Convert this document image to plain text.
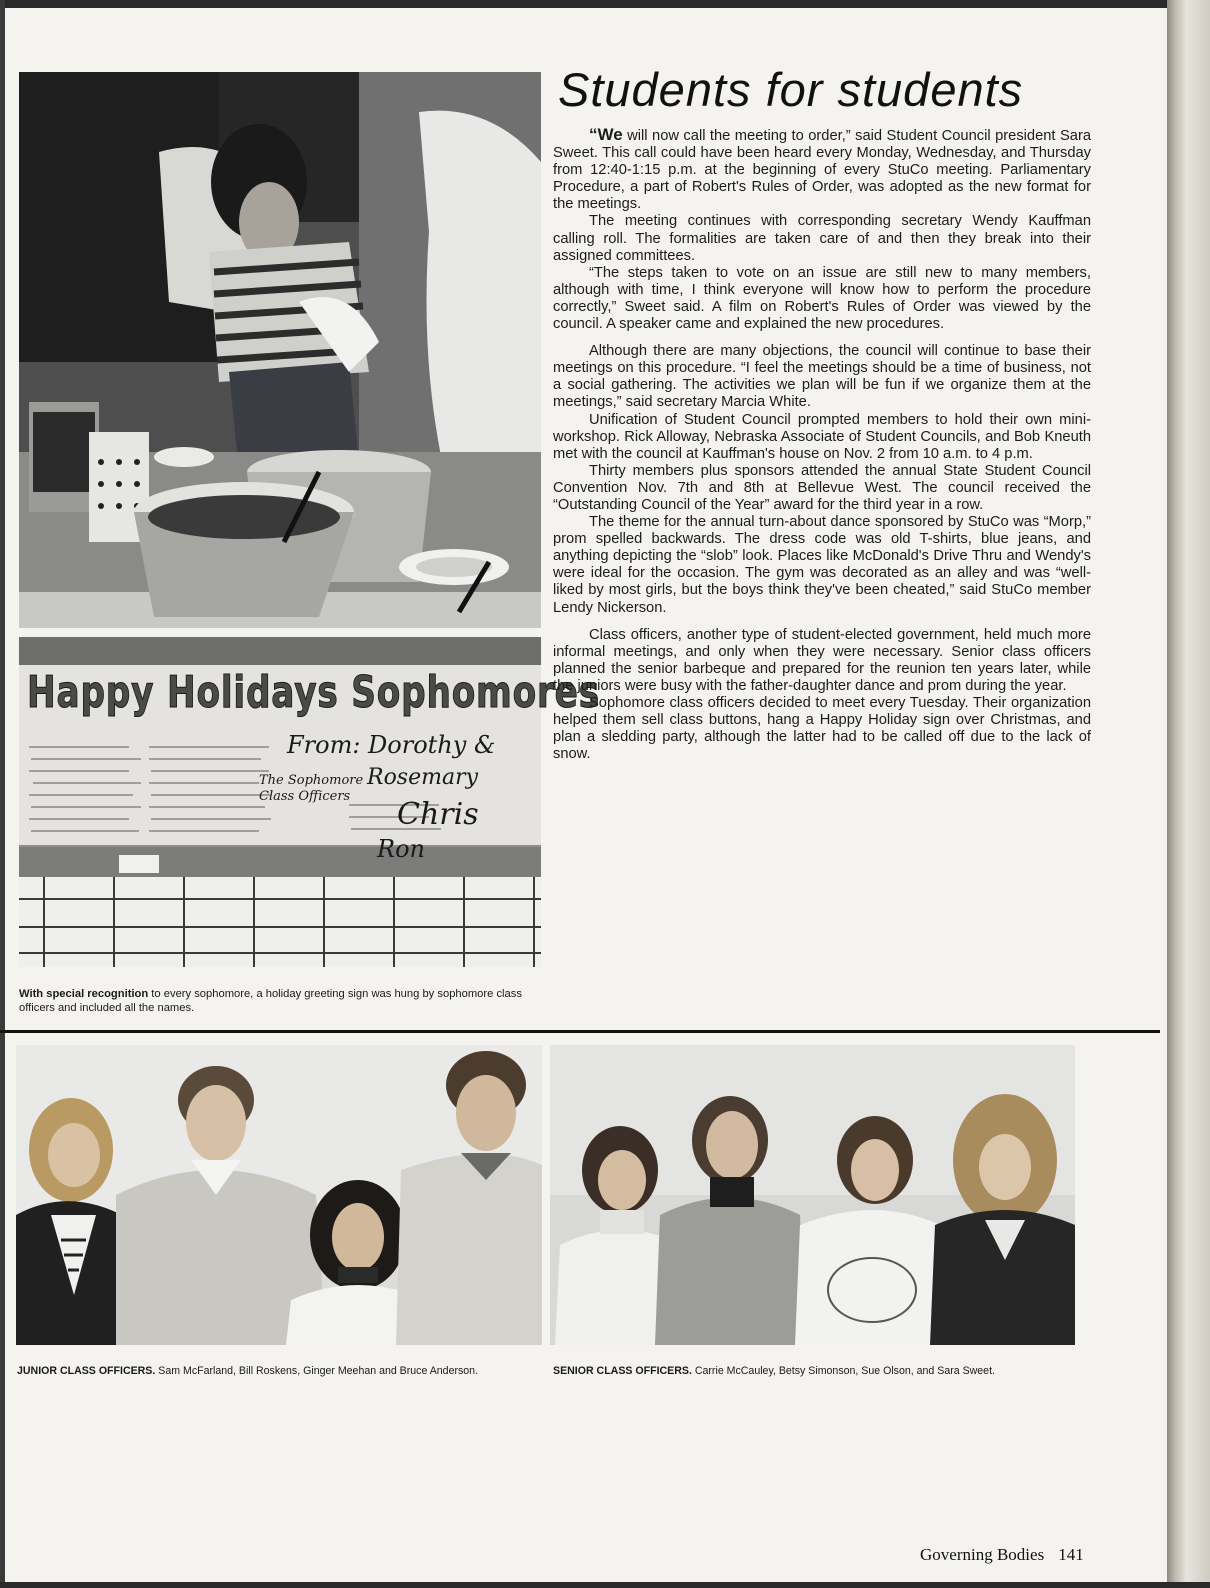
Happy Holidays Sophomores
From: Dorothy &
The Sophomore Class Officers
Rosemary
Chris
Ron

With special recognition to every sophomore, a holiday greeting sign was hung by sophomore class officers and included all the names.

Students for students

“We will now call the meeting to order,” said Student Council president Sara Sweet. This call could have been heard every Monday, Wednesday, and Thursday from 12:40-1:15 p.m. at the beginning of every StuCo meeting. Parliamentary Procedure, a part of Robert's Rules of Order, was adopted as the new format for the meetings.

The meeting continues with corresponding secretary Wendy Kauffman calling roll. The formalities are taken care of and then they break into their assigned committees.

“The steps taken to vote on an issue are still new to many members, although with time, I think everyone will know how to perform the procedure correctly,” Sweet said. A film on Robert's Rules of Order was viewed by the council. A speaker came and explained the new procedures.

Although there are many objections, the council will continue to base their meetings on this procedure. “I feel the meetings should be a time of business, not a social gathering. The activities we plan will be fun if we organize them at the meetings,” said secretary Marcia White.

Unification of Student Council prompted members to hold their own mini-workshop. Rick Alloway, Nebraska Associate of Student Councils, and Bob Kneuth met with the council at Kauffman's house on Nov. 2 from 10 a.m. to 4 p.m.

Thirty members plus sponsors attended the annual State Student Council Convention Nov. 7th and 8th at Bellevue West. The council received the “Outstanding Council of the Year” award for the third year in a row.

The theme for the annual turn-about dance sponsored by StuCo was “Morp,” prom spelled backwards. The dress code was old T-shirts, blue jeans, and anything depicting the “slob” look. Places like McDonald's Drive Thru and Wendy's were ideal for the occasion. The gym was decorated as an alley and was “well-liked by most girls, but the boys think they've been cheated,” said StuCo member Lendy Nickerson.

Class officers, another type of student-elected government, held much more informal meetings, and only when they were necessary. Senior class officers planned the senior barbeque and prepared for the reunion ten years later, while the juniors were busy with the father-daughter dance and prom during the year.

Sophomore class officers decided to meet every Tuesday. Their organization helped them sell class buttons, hang a Happy Holiday sign over Christmas, and plan a sledding party, although the latter had to be called off due to the lack of snow.

JUNIOR CLASS OFFICERS. Sam McFarland, Bill Roskens, Ginger Meehan and Bruce Anderson.	SENIOR CLASS OFFICERS. Carrie McCauley, Betsy Simonson, Sue Olson, and Sara Sweet.

Governing Bodies 141
